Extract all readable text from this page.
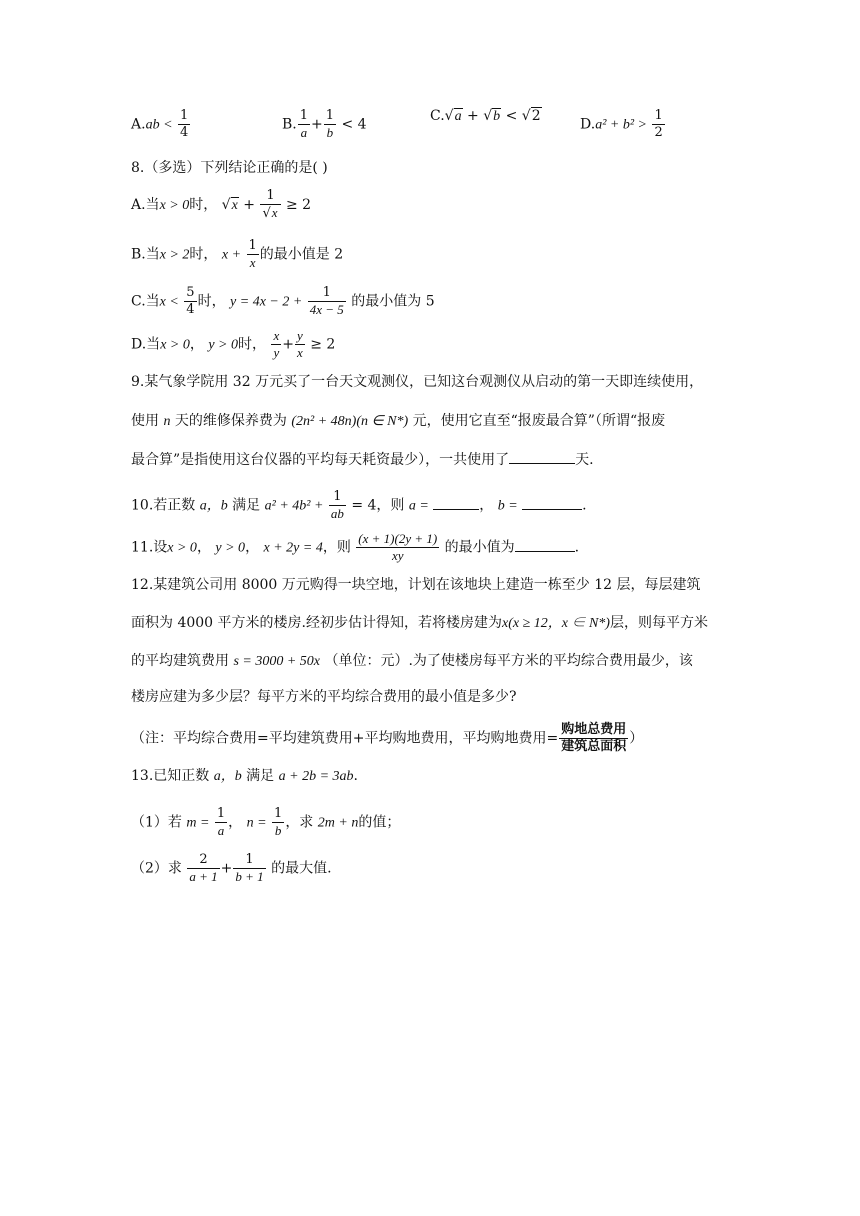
$A.ab < \frac{1}{4}$	B. $\frac{1}{a} + \frac{1}{b} < 4$
C.√a + √b < √2
$D.a^2 + b^2 > \frac{1}{2}$
8.（多选）下列结论正确的是( )
A.当x > 0时， $√x + \frac{1}{√x} \ge 2$
B.当x > 2时， $x + \frac{1}{x}$ 的最小值是 2
C.当$x < \frac{5}{4}$ 时， $y = 4x - 2 + \frac{1}{4x - 5}$ 的最小值为 5
D.当x > 0， y > 0时， $\frac{x}{y} + \frac{y}{x} \ge 2$
9.某气象学院用 32 万元买了一台天文观测仪，已知这台观测仪从启动的第一天即连续使用，
使用 n 天的维修保养费为 (2n² + 48n)(n ∈ N*) 元，使用它直至“报废最合算”（所谓“报废
最合算”是指使用这台仪器的平均每天耗资最少），一共使用了	天.
10.若正数 a，b 满足 $a^2 + 4b^2 + \frac{1}{ab} = 4$，则 a =	， b =	.
11.设x > 0， y > 0， x + 2y = 4，则 $\frac{(x + 1)(2y + 1)}{xy}$ 的最小值为	.
12.某建筑公司用 8000 万元购得一块空地，计划在该地块上建造一栋至少 12 层，每层建筑
面积为 4000 平方米的楼房.经初步估计得知，若将楼房建为x(x ≥ 12，x ∈ N*)层，则每平方米
的平均建筑费用 s = 3000 + 50x （单位：元）.为了使楼房每平方米的平均综合费用最少，该
楼房应建为多少层？每平方米的平均综合费用的最小值是多少?
（注：平均综合费用=平均建筑费用+平均购地费用，平均购地费用= $\frac{\text{购地总费用}}{\text{建筑总面积}}$ ）
13.已知正数 a，b 满足 a + 2b = 3ab.
（1）若 $m = \frac{1}{a}$ ， $n = \frac{1}{b}$ ，求 2m + n的值；
（2）求 $\frac{2}{a + 1} + \frac{1}{b + 1}$ 的最大值.
